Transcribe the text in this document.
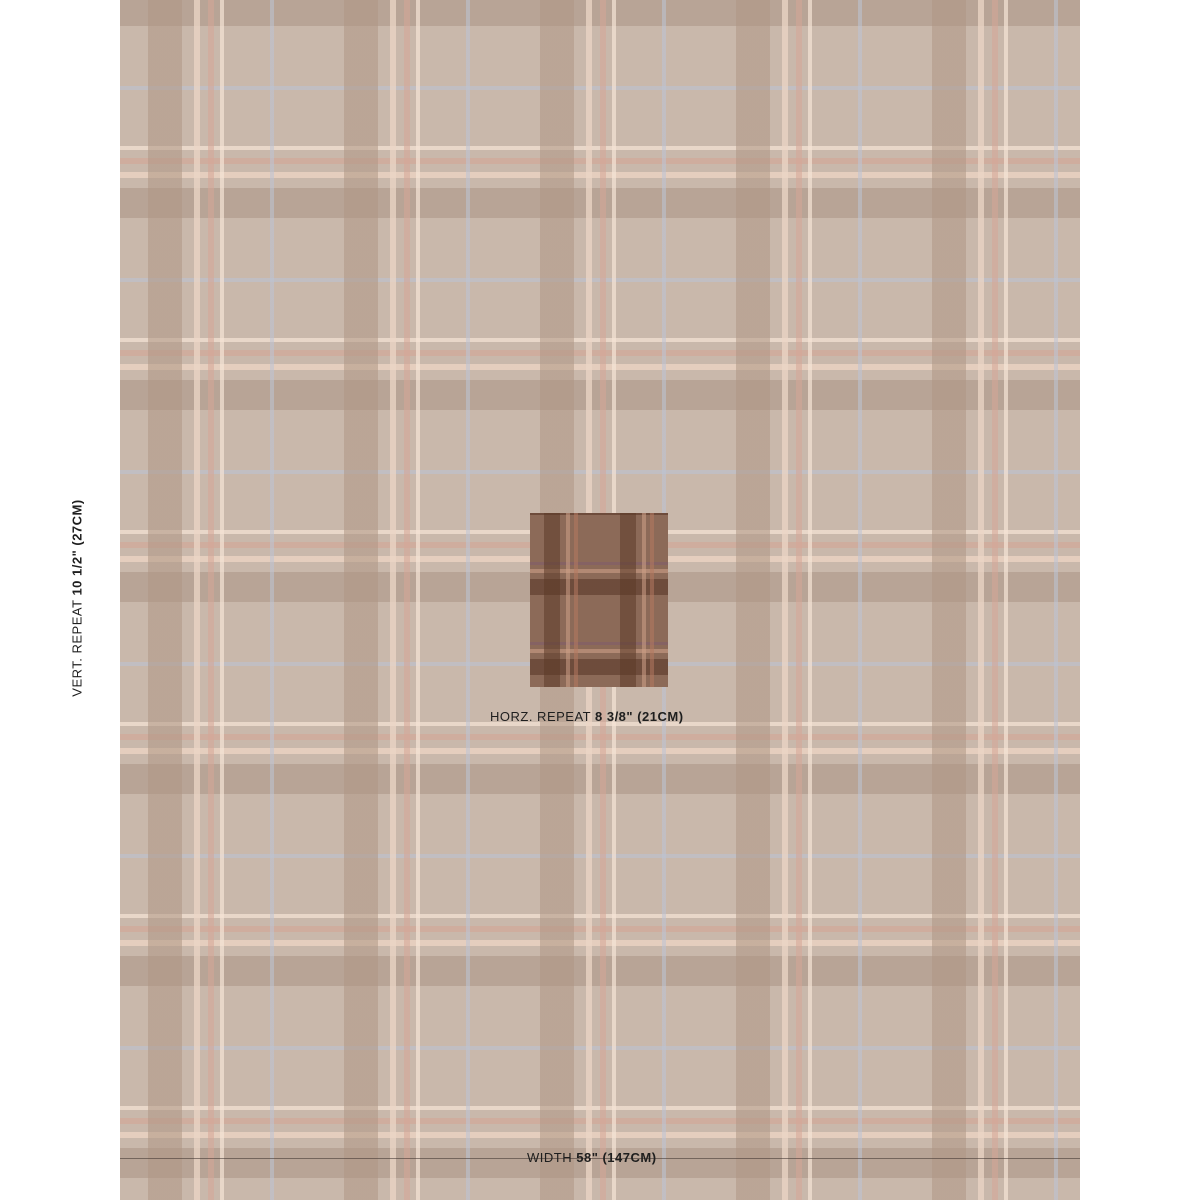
HORZ. REPEAT 8 3/8" (21CM)
WIDTH 58" (147CM)
VERT. REPEAT 10 1/2" (27CM)
